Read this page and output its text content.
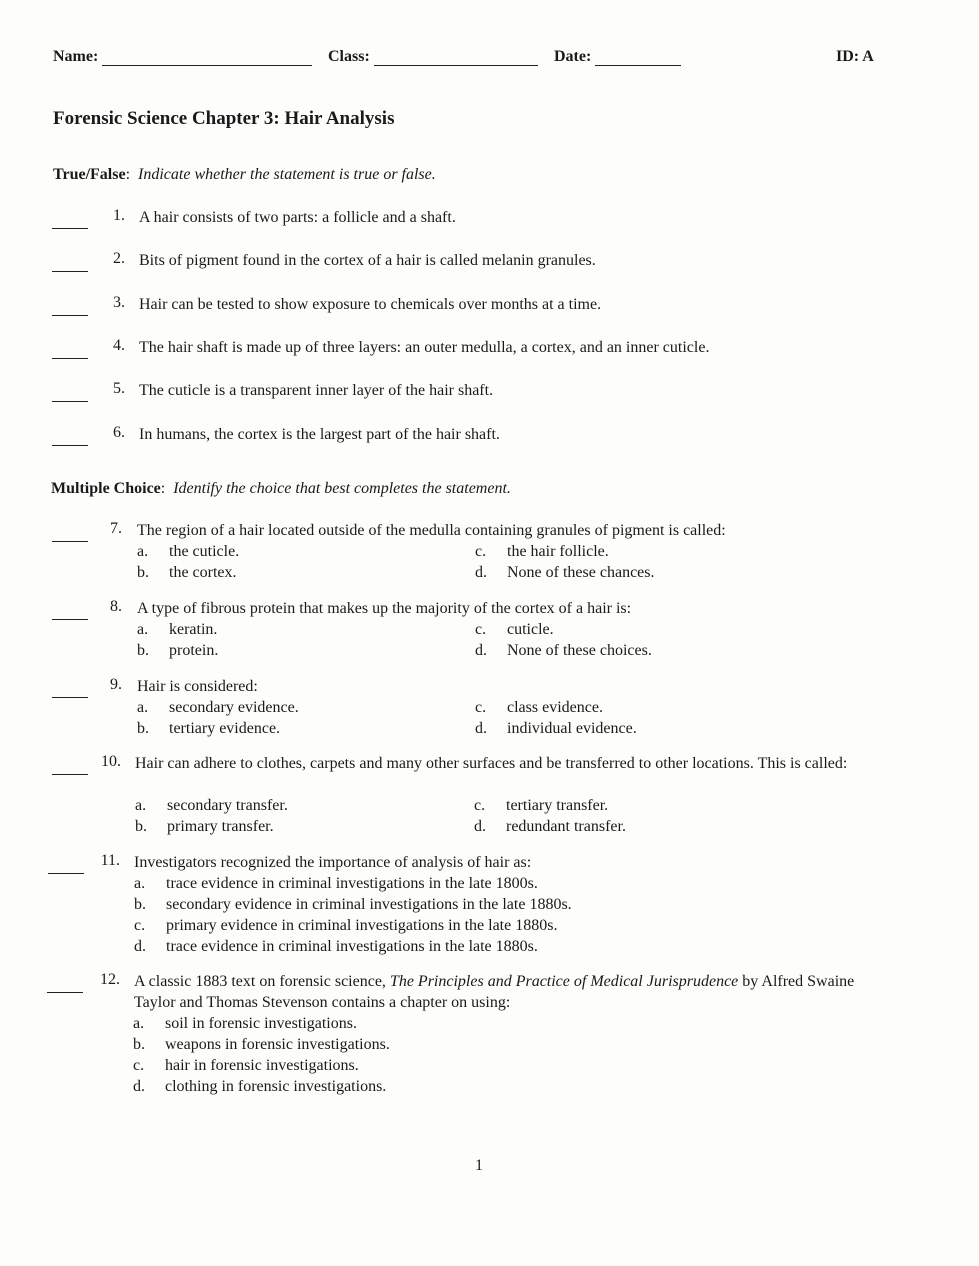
Name:	Class:	Date:	ID: A
Forensic Science Chapter 3: Hair Analysis
True/False:  Indicate whether the statement is true or false.
1. A hair consists of two parts: a follicle and a shaft.
2. Bits of pigment found in the cortex of a hair is called melanin granules.
3. Hair can be tested to show exposure to chemicals over months at a time.
4. The hair shaft is made up of three layers: an outer medulla, a cortex, and an inner cuticle.
5. The cuticle is a transparent inner layer of the hair shaft.
6. In humans, the cortex is the largest part of the hair shaft.
Multiple Choice:  Identify the choice that best completes the statement.
7. The region of a hair located outside of the medulla containing granules of pigment is called:
a. the cuticle.
b. the cortex.
c. the hair follicle.
d. None of these chances.
8. A type of fibrous protein that makes up the majority of the cortex of a hair is:
a. keratin.
b. protein.
c. cuticle.
d. None of these choices.
9. Hair is considered:
a. secondary evidence.
b. tertiary evidence.
c. class evidence.
d. individual evidence.
10. Hair can adhere to clothes, carpets and many other surfaces and be transferred to other locations. This is called:
a. secondary transfer.
b. primary transfer.
c. tertiary transfer.
d. redundant transfer.
11. Investigators recognized the importance of analysis of hair as:
a. trace evidence in criminal investigations in the late 1800s.
b. secondary evidence in criminal investigations in the late 1880s.
c. primary evidence in criminal investigations in the late 1880s.
d. trace evidence in criminal investigations in the late 1880s.
12. A classic 1883 text on forensic science, The Principles and Practice of Medical Jurisprudence by Alfred Swaine Taylor and Thomas Stevenson contains a chapter on using:
a. soil in forensic investigations.
b. weapons in forensic investigations.
c. hair in forensic investigations.
d. clothing in forensic investigations.
1
